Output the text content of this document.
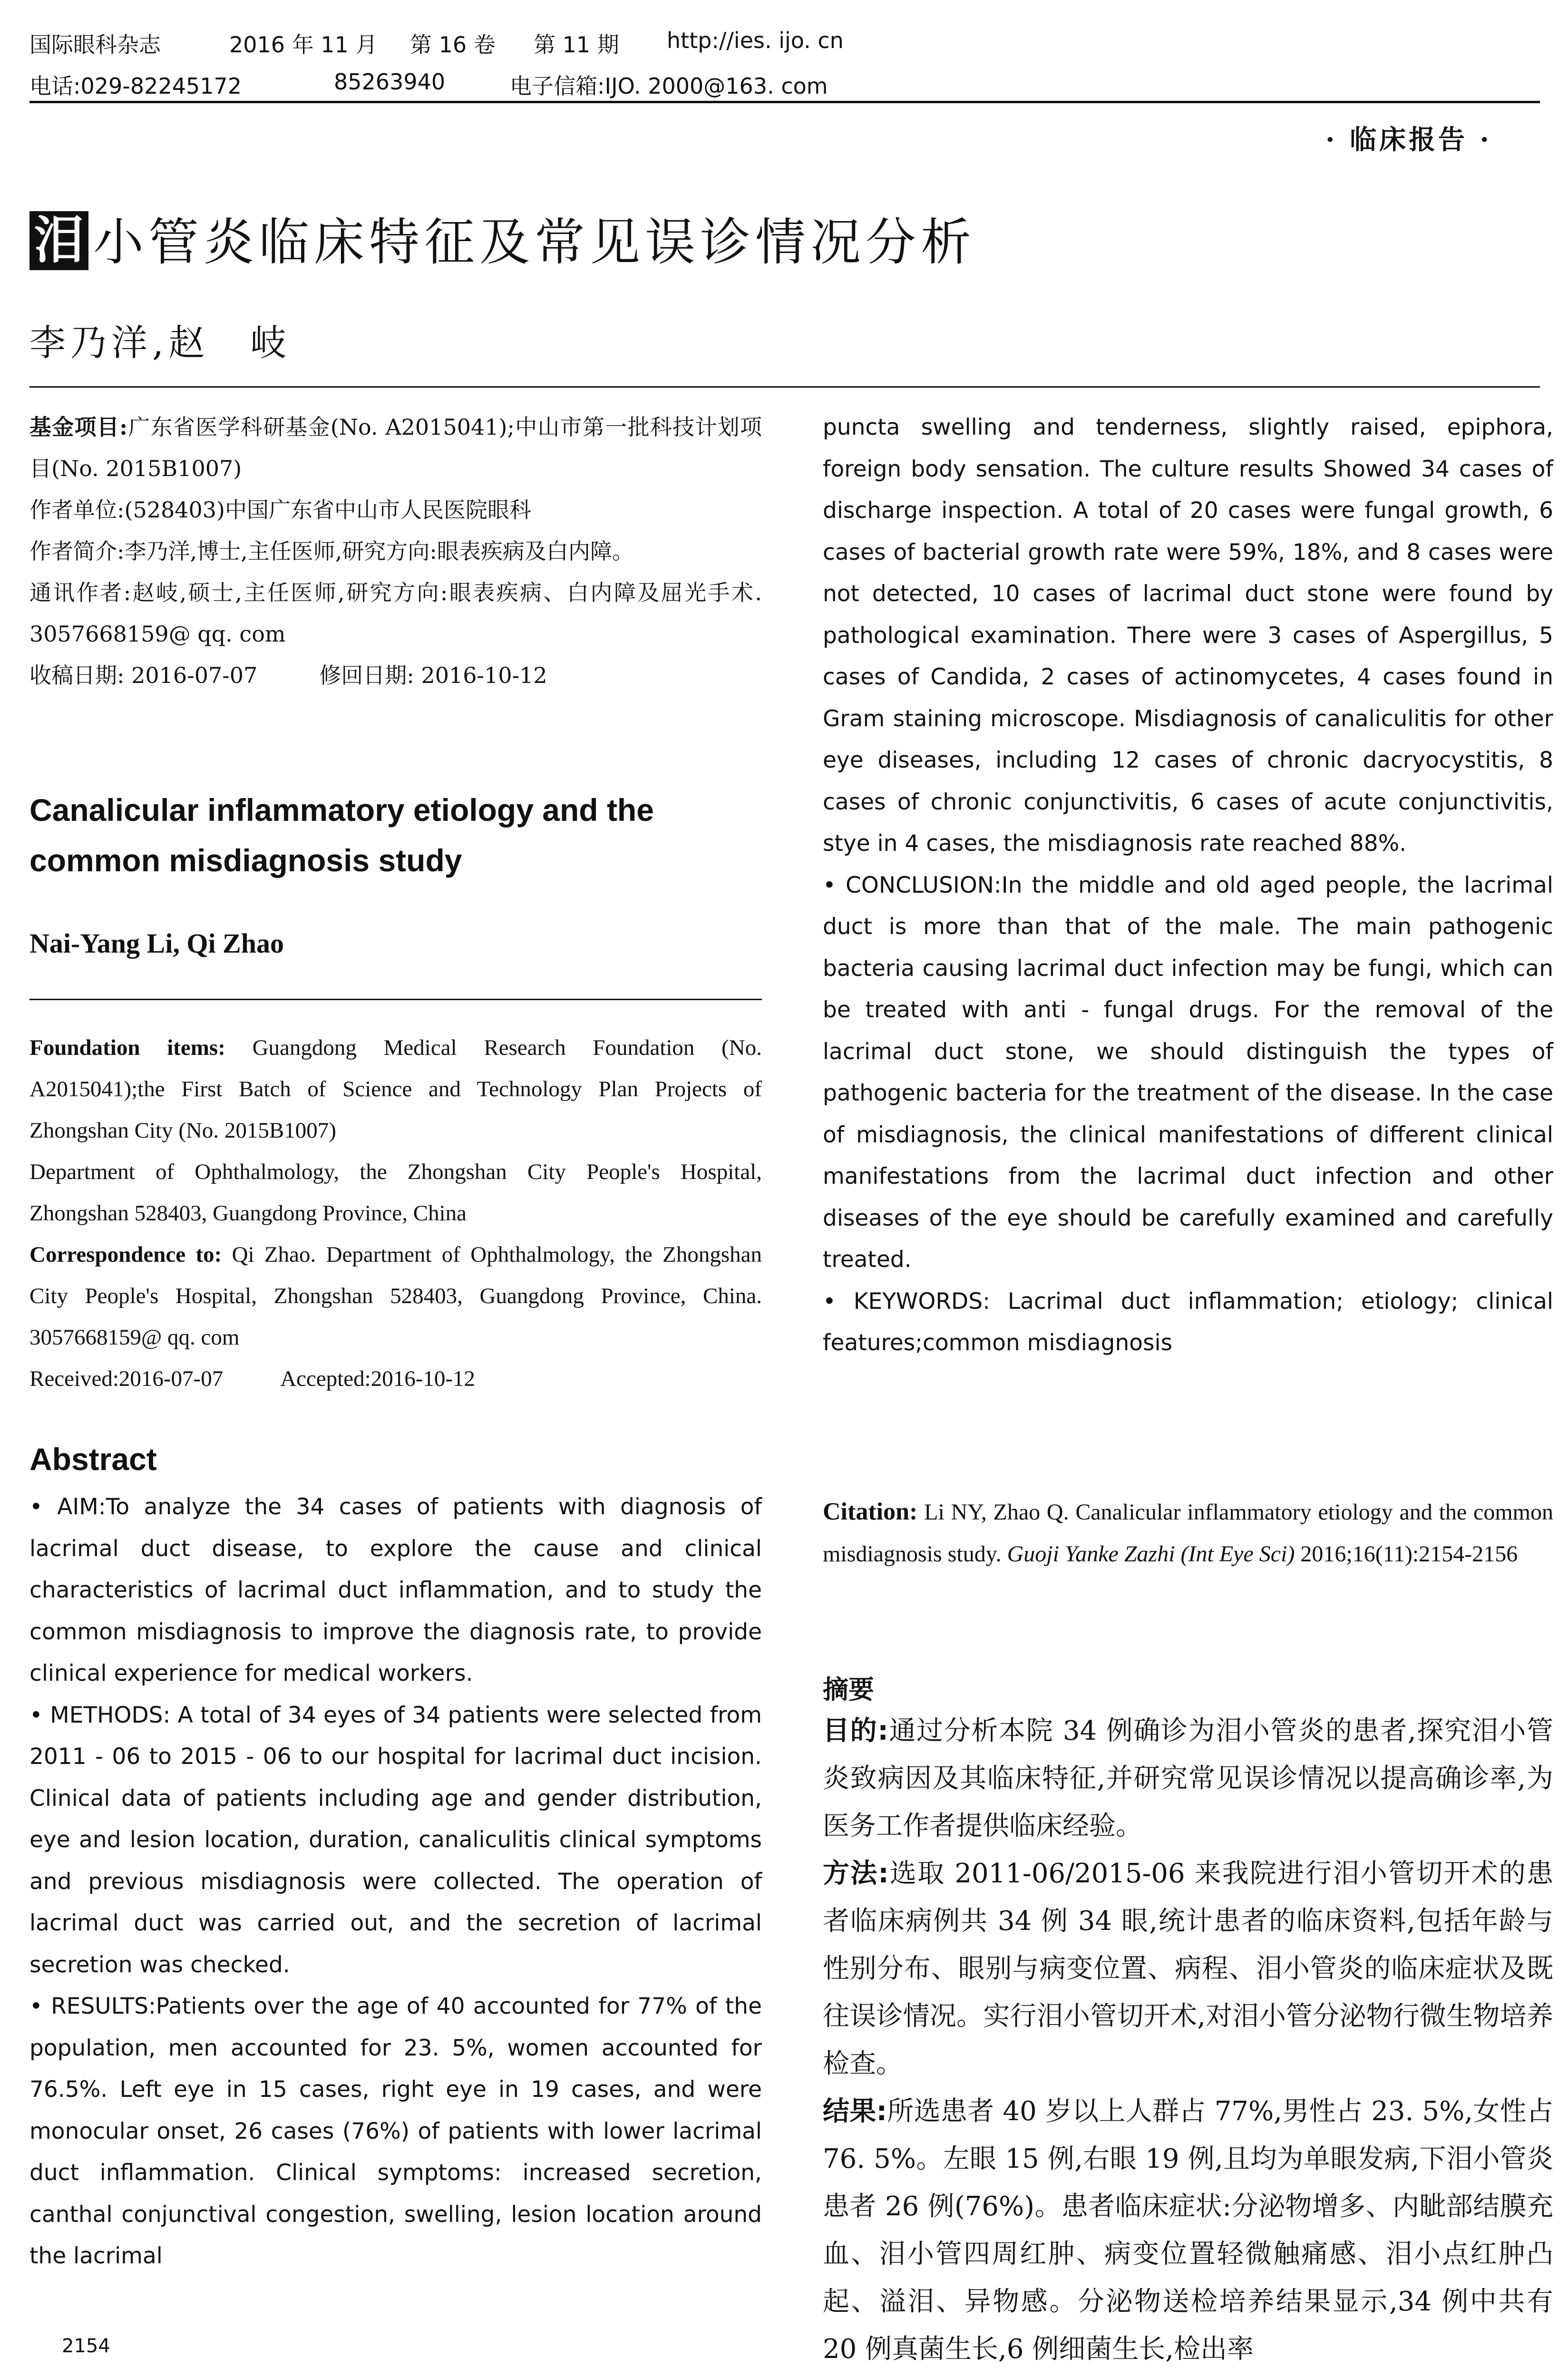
国际眼科杂志	2016 年 11 月 第 16 卷 第 11 期 http://ies. ijo. cn
电话:029-82245172	85263940	电子信箱:IJO. 2000@163. com
· 临床报告 ·
泪 小管炎临床特征及常见误诊情况分析
李乃洋,赵　岐

基金项目:广东省医学科研基金(No. A2015041);中山市第一批科技计划项目(No. 2015B1007)

作者单位:(528403)中国广东省中山市人民医院眼科

作者简介:李乃洋,博士,主任医师,研究方向:眼表疾病及白内障。

通讯作者:赵岐,硕士,主任医师,研究方向:眼表疾病、白内障及屈光手术. 3057668159@ qq. com

收稿日期: 2016-07-07	修回日期: 2016-10-12

Canalicular inflammatory etiology and the common misdiagnosis study
Nai-Yang Li, Qi Zhao

Foundation items: Guangdong Medical Research Foundation (No. A2015041);the First Batch of Science and Technology Plan Projects of Zhongshan City (No. 2015B1007)

Department of Ophthalmology, the Zhongshan City People's Hospital, Zhongshan 528403, Guangdong Province, China

Correspondence to: Qi Zhao. Department of Ophthalmology, the Zhongshan City People's Hospital, Zhongshan 528403, Guangdong Province, China. 3057668159@ qq. com

Received:2016-07-07	Accepted:2016-10-12
Abstract

• AIM:To analyze the 34 cases of patients with diagnosis of lacrimal duct disease, to explore the cause and clinical characteristics of lacrimal duct inflammation, and to study the common misdiagnosis to improve the diagnosis rate, to provide clinical experience for medical workers.

• METHODS: A total of 34 eyes of 34 patients were selected from 2011 - 06 to 2015 - 06 to our hospital for lacrimal duct incision. Clinical data of patients including age and gender distribution, eye and lesion location, duration, canaliculitis clinical symptoms and previous misdiagnosis were collected. The operation of lacrimal duct was carried out, and the secretion of lacrimal secretion was checked.

• RESULTS:Patients over the age of 40 accounted for 77% of the population, men accounted for 23. 5%, women accounted for 76.5%. Left eye in 15 cases, right eye in 19 cases, and were monocular onset, 26 cases (76%) of patients with lower lacrimal duct inflammation. Clinical symptoms: increased secretion, canthal conjunctival congestion, swelling, lesion location around the lacrimal

puncta swelling and tenderness, slightly raised, epiphora, foreign body sensation. The culture results Showed 34 cases of discharge inspection. A total of 20 cases were fungal growth, 6 cases of bacterial growth rate were 59%, 18%, and 8 cases were not detected, 10 cases of lacrimal duct stone were found by pathological examination. There were 3 cases of Aspergillus, 5 cases of Candida, 2 cases of actinomycetes, 4 cases found in Gram staining microscope. Misdiagnosis of canaliculitis for other eye diseases, including 12 cases of chronic dacryocystitis, 8 cases of chronic conjunctivitis, 6 cases of acute conjunctivitis, stye in 4 cases, the misdiagnosis rate reached 88%.

• CONCLUSION:In the middle and old aged people, the lacrimal duct is more than that of the male. The main pathogenic bacteria causing lacrimal duct infection may be fungi, which can be treated with anti - fungal drugs. For the removal of the lacrimal duct stone, we should distinguish the types of pathogenic bacteria for the treatment of the disease. In the case of misdiagnosis, the clinical manifestations of different clinical manifestations from the lacrimal duct infection and other diseases of the eye should be carefully examined and carefully treated.

• KEYWORDS: Lacrimal duct inflammation; etiology; clinical features;common misdiagnosis

Citation: Li NY, Zhao Q. Canalicular inflammatory etiology and the common misdiagnosis study. Guoji Yanke Zazhi (Int Eye Sci) 2016;16(11):2154-2156
摘要

目的:通过分析本院 34 例确诊为泪小管炎的患者,探究泪小管炎致病因及其临床特征,并研究常见误诊情况以提高确诊率,为医务工作者提供临床经验。

方法:选取 2011-06/2015-06 来我院进行泪小管切开术的患者临床病例共 34 例 34 眼,统计患者的临床资料,包括年龄与性别分布、眼别与病变位置、病程、泪小管炎的临床症状及既往误诊情况。实行泪小管切开术,对泪小管分泌物行微生物培养检查。

结果:所选患者 40 岁以上人群占 77%,男性占 23. 5%,女性占 76. 5%。左眼 15 例,右眼 19 例,且均为单眼发病,下泪小管炎患者 26 例(76%)。患者临床症状:分泌物增多、内眦部结膜充血、泪小管四周红肿、病变位置轻微触痛感、泪小点红肿凸起、溢泪、异物感。分泌物送检培养结果显示,34 例中共有 20 例真菌生长,6 例细菌生长,检出率

2154
